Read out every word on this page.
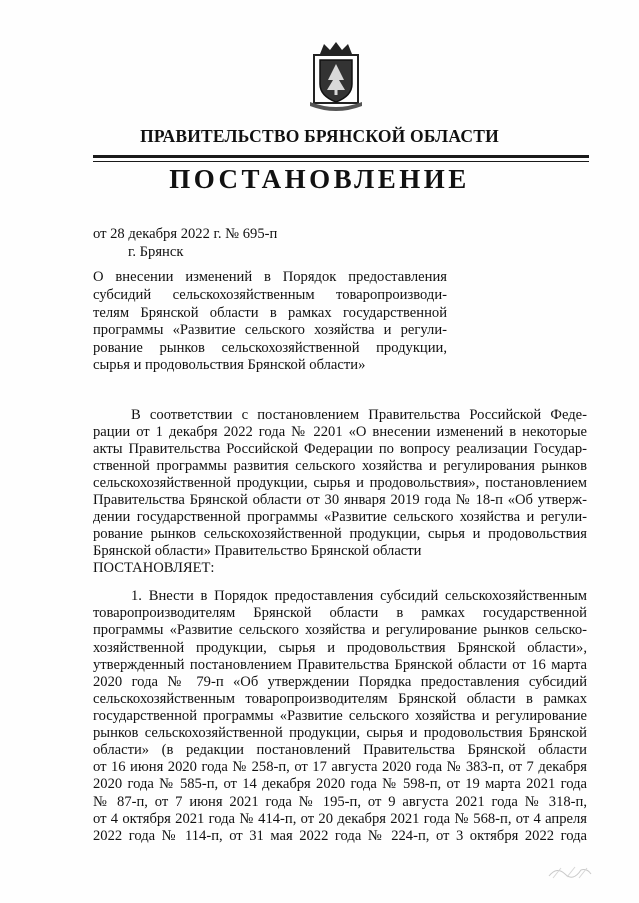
ПРАВИТЕЛЬСТВО БРЯНСКОЙ ОБЛАСТИ
ПОСТАНОВЛЕНИЕ
от 28 декабря 2022 г. № 695-п
г. Брянск
О внесении изменений в Порядок предоставления
субсидий сельскохозяйственным товаропроизводи-
телям Брянской области в рамках государственной
программы «Развитие сельского хозяйства и регули-
рование рынков сельскохозяйственной продукции,
сырья и продовольствия Брянской области»
В соответствии с постановлением Правительства Российской Феде-
рации от 1 декабря 2022 года № 2201 «О внесении изменений в некоторые
акты Правительства Российской Федерации по вопросу реализации Государ-
ственной программы развития сельского хозяйства и регулирования рынков
сельскохозяйственной продукции, сырья и продовольствия», постановлением
Правительства Брянской области от 30 января 2019 года № 18-п «Об утверж-
дении государственной программы «Развитие сельского хозяйства и регули-
рование рынков сельскохозяйственной продукции, сырья и продовольствия
Брянской области» Правительство Брянской области
ПОСТАНОВЛЯЕТ:
1. Внести в Порядок предоставления субсидий сельскохозяйственным
товаропроизводителям Брянской области в рамках государственной
программы «Развитие сельского хозяйства и регулирование рынков сельско-
хозяйственной продукции, сырья и продовольствия Брянской области»,
утвержденный постановлением Правительства Брянской области от 16 марта
2020 года № 79-п «Об утверждении Порядка предоставления субсидий
сельскохозяйственным товаропроизводителям Брянской области в рамках
государственной программы «Развитие сельского хозяйства и регулирование
рынков сельскохозяйственной продукции, сырья и продовольствия Брянской
области» (в редакции постановлений Правительства Брянской области
от 16 июня 2020 года № 258-п, от 17 августа 2020 года № 383-п, от 7 декабря
2020 года № 585-п, от 14 декабря 2020 года № 598-п, от 19 марта 2021 года
№ 87-п, от 7 июня 2021 года № 195-п, от 9 августа 2021 года № 318-п,
от 4 октября 2021 года № 414-п, от 20 декабря 2021 года № 568-п, от 4 апреля
2022 года № 114-п, от 31 мая 2022 года № 224-п, от 3 октября 2022 года
